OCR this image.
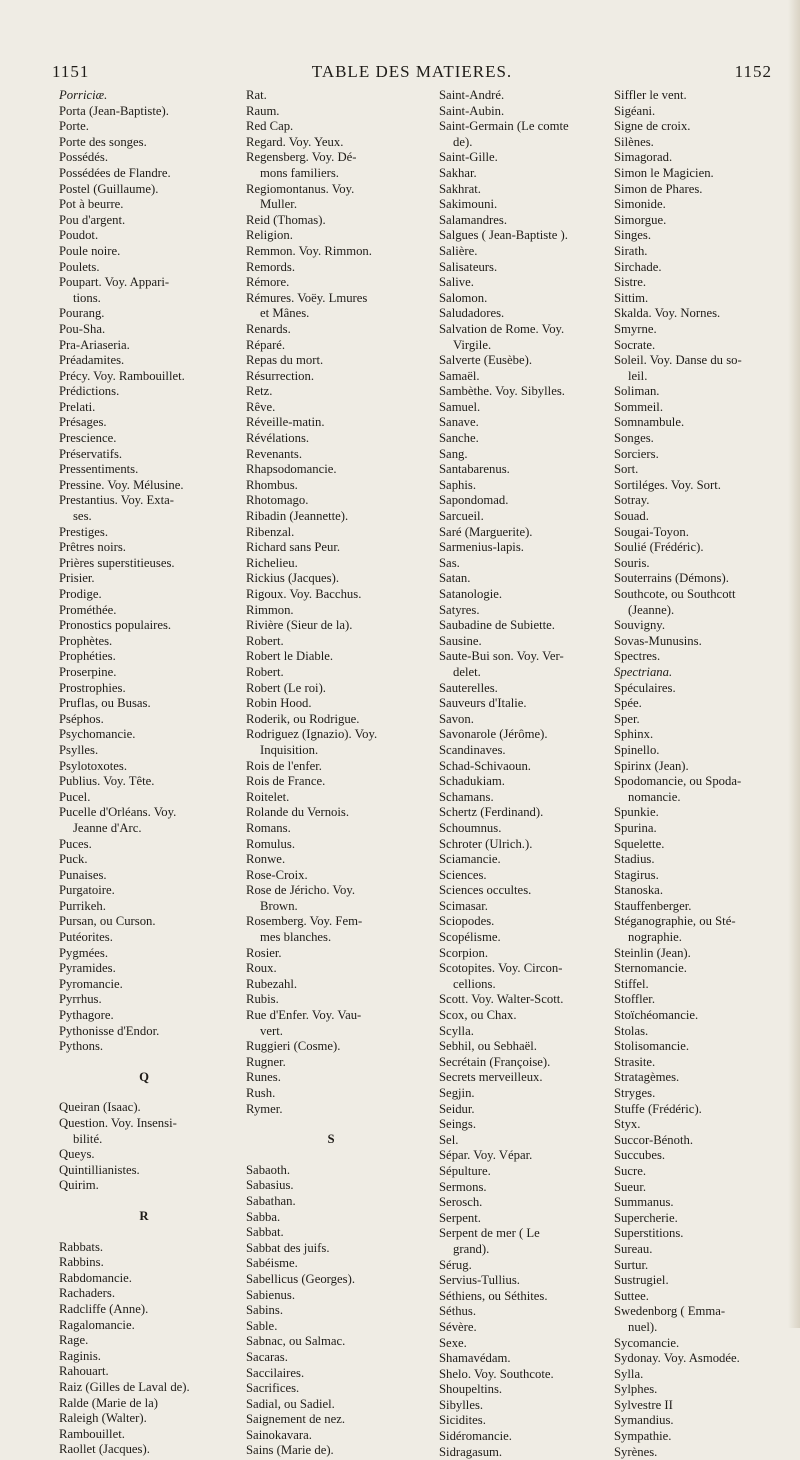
1151	TABLE DES MATIERES.	1152
Porriciæ.
Porta (Jean-Baptiste).
Porte.
Porte des songes.
Possédés.
Possédées de Flandre.
Postel (Guillaume).
Pot à beurre.
Pou d'argent.
Poudot.
Poule noire.
Poulets.
Poupart. Voy. Appari-
tions.
Pourang.
Pou-Sha.
Pra-Ariaseria.
Préadamites.
Précy. Voy. Rambouillet.
Prédictions.
Prelati.
Présages.
Prescience.
Préservatifs.
Pressentiments.
Pressine. Voy. Mélusine.
Prestantius. Voy. Exta-
ses.
Prestiges.
Prêtres noirs.
Prières superstitieuses.
Prisier.
Prodige.
Prométhée.
Pronostics populaires.
Prophètes.
Prophéties.
Proserpine.
Prostrophies.
Pruflas, ou Busas.
Pséphos.
Psychomancie.
Psylles.
Psylotoxotes.
Publius. Voy. Tête.
Pucel.
Pucelle d'Orléans. Voy.
Jeanne d'Arc.
Puces.
Puck.
Punaises.
Purgatoire.
Purrikeh.
Pursan, ou Curson.
Putéorites.
Pygmées.
Pyramides.
Pyromancie.
Pyrrhus.
Pythagore.
Pythonisse d'Endor.
Pythons.
Q
Queiran (Isaac).
Question. Voy. Insensi-
bilité.
Queys.
Quintillianistes.
Quirim.
R
Rabbats.
Rabbins.
Rabdomancie.
Rachaders.
Radcliffe (Anne).
Ragalomancie.
Rage.
Raginis.
Rahouart.
Raiz (Gilles de Laval de).
Ralde (Marie de la)
Raleigh (Walter).
Rambouillet.
Raollet (Jacques).
Rat.
Raum.
Red Cap.
Regard. Voy. Yeux.
Regensberg. Voy. Dé-
mons familiers.
Regiomontanus. Voy.
Muller.
Reid (Thomas).
Religion.
Remmon. Voy. Rimmon.
Remords.
Rémore.
Rémures. Voëy. Lmures
et Mânes.
Renards.
Réparé.
Repas du mort.
Résurrection.
Retz.
Rêve.
Réveille-matin.
Révélations.
Revenants.
Rhapsodomancie.
Rhombus.
Rhotomago.
Ribadin (Jeannette).
Ribenzal.
Richard sans Peur.
Richelieu.
Rickius (Jacques).
Rigoux. Voy. Bacchus.
Rimmon.
Rivière (Sieur de la).
Robert.
Robert le Diable.
Robert.
Robert (Le roi).
Robin Hood.
Roderik, ou Rodrigue.
Rodriguez (Ignazio). Voy.
Inquisition.
Rois de l'enfer.
Rois de France.
Roitelet.
Rolande du Vernois.
Romans.
Romulus.
Ronwe.
Rose-Croix.
Rose de Jéricho. Voy.
Brown.
Rosemberg. Voy. Fem-
mes blanches.
Rosier.
Roux.
Rubezahl.
Rubis.
Rue d'Enfer. Voy. Vau-
vert.
Ruggieri (Cosme).
Rugner.
Runes.
Rush.
Rymer.
S
Sabaoth.
Sabasius.
Sabathan.
Sabba.
Sabbat.
Sabbat des juifs.
Sabéisme.
Sabellicus (Georges).
Sabienus.
Sabins.
Sable.
Sabnac, ou Salmac.
Sacaras.
Saccilaires.
Sacrifices.
Sadial, ou Sadiel.
Saignement de nez.
Sainokavara.
Sains (Marie de).
Saint-André.
Saint-Aubin.
Saint-Germain (Le comte
de).
Saint-Gille.
Sakhar.
Sakhrat.
Sakimouni.
Salamandres.
Salgues ( Jean-Baptiste ).
Salière.
Salisateurs.
Salive.
Salomon.
Saludadores.
Salvation de Rome. Voy.
Virgile.
Salverte (Eusèbe).
Samaël.
Sambèthe. Voy. Sibylles.
Samuel.
Sanave.
Sanche.
Sang.
Santabarenus.
Saphis.
Sapondomad.
Sarcueil.
Saré (Marguerite).
Sarmenius-lapis.
Sas.
Satan.
Satanologie.
Satyres.
Saubadine de Subiette.
Sausine.
Saute-Bui son. Voy. Ver-
delet.
Sauterelles.
Sauveurs d'Italie.
Savon.
Savonarole (Jérôme).
Scandinaves.
Schad-Schivaoun.
Schadukiam.
Schamans.
Schertz (Ferdinand).
Schoumnus.
Schroter (Ulrich.).
Sciamancie.
Sciences.
Sciences occultes.
Scimasar.
Sciopodes.
Scopélisme.
Scorpion.
Scotopites. Voy. Circon-
cellions.
Scott. Voy. Walter-Scott.
Scox, ou Chax.
Scylla.
Sebhil, ou Sebhaël.
Secrétain (Françoise).
Secrets merveilleux.
Segjin.
Seidur.
Seings.
Sel.
Sépar. Voy. Vépar.
Sépulture.
Sermons.
Serosch.
Serpent.
Serpent de mer ( Le
grand).
Sérug.
Servius-Tullius.
Séthiens, ou Séthites.
Séthus.
Sévère.
Sexe.
Shamavédam.
Shelo. Voy. Southcote.
Shoupeltins.
Sibylles.
Sicidites.
Sidéromancie.
Sidragasum.
Siffler le vent.
Sigéani.
Signe de croix.
Silènes.
Simagorad.
Simon le Magicien.
Simon de Phares.
Simonide.
Simorgue.
Singes.
Sirath.
Sirchade.
Sistre.
Sittim.
Skalda. Voy. Nornes.
Smyrne.
Socrate.
Soleil. Voy. Danse du so-
leil.
Soliman.
Sommeil.
Somnambule.
Songes.
Sorciers.
Sort.
Sortiléges. Voy. Sort.
Sotray.
Souad.
Sougai-Toyon.
Soulié (Frédéric).
Souris.
Souterrains (Démons).
Southcote, ou Southcott
(Jeanne).
Souvigny.
Sovas-Munusins.
Spectres.
Spectriana.
Spéculaires.
Spée.
Sper.
Sphinx.
Spinello.
Spirinx (Jean).
Spodomancie, ou Spoda-
nomancie.
Spunkie.
Spurina.
Squelette.
Stadius.
Stagirus.
Stanoska.
Stauffenberger.
Stéganographie, ou Sté-
nographie.
Steinlin (Jean).
Sternomancie.
Stiffel.
Stoffler.
Stoïchéomancie.
Stolas.
Stolisomancie.
Strasite.
Stratagèmes.
Stryges.
Stuffe (Frédéric).
Styx.
Succor-Bénoth.
Succubes.
Sucre.
Sueur.
Summanus.
Supercherie.
Superstitions.
Sureau.
Surtur.
Sustrugiel.
Suttee.
Swedenborg ( Emma-
nuel).
Sycomancie.
Sydonay. Voy. Asmodée.
Sylla.
Sylphes.
Sylvestre II
Symandius.
Sympathie.
Syrènes.
